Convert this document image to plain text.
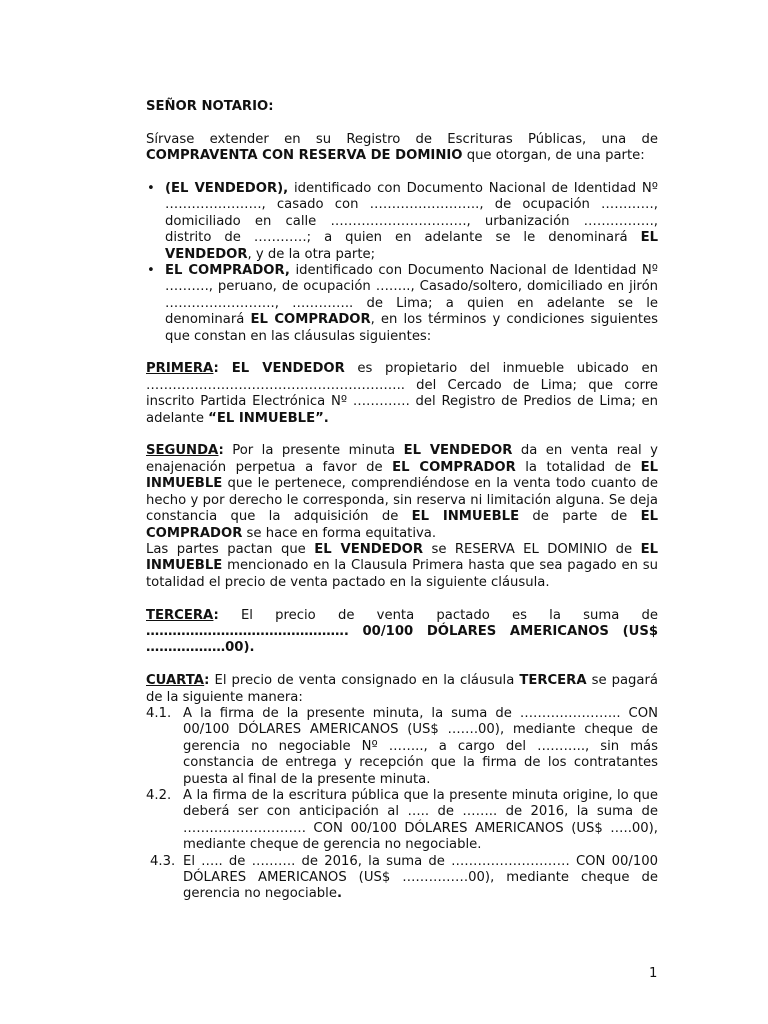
SEÑOR NOTARIO:

Sírvase extender en su Registro de Escrituras Públicas, una de COMPRAVENTA CON RESERVA DE DOMINIO que otorgan, de una parte:

• (EL VENDEDOR), identificado con Documento Nacional de Identidad Nº …………………., casado con ……………………., de ocupación …………, domiciliado en calle …………………………., urbanización ……………., distrito de …………; a quien en adelante se le denominará EL VENDEDOR, y de la otra parte;
• EL COMPRADOR, identificado con Documento Nacional de Identidad Nº ………., peruano, de ocupación …….., Casado/soltero, domiciliado en jirón ……………………., ………….. de Lima; a quien en adelante se le denominará EL COMPRADOR, en los términos y condiciones siguientes que constan en las cláusulas siguientes:

PRIMERA: EL VENDEDOR es propietario del inmueble ubicado en ………………………………………………….. del Cercado de Lima; que corre inscrito Partida Electrónica Nº …………. del Registro de Predios de Lima; en adelante “EL INMUEBLE”.

SEGUNDA: Por la presente minuta EL VENDEDOR da en venta real y enajenación perpetua a favor de EL COMPRADOR la totalidad de EL INMUEBLE que le pertenece, comprendiéndose en la venta todo cuanto de hecho y por derecho le corresponda, sin reserva ni limitación alguna. Se deja constancia que la adquisición de EL INMUEBLE de parte de EL COMPRADOR se hace en forma equitativa.

Las partes pactan que EL VENDEDOR se RESERVA EL DOMINIO de EL INMUEBLE mencionado en la Clausula Primera hasta que sea pagado en su totalidad el precio de venta pactado en la siguiente cláusula.

TERCERA: El precio de venta pactado es la suma de ………………………………………. 00/100 DÓLARES AMERICANOS (US$ ………………00).

CUARTA: El precio de venta consignado en la cláusula TERCERA se pagará de la siguiente manera:

4.1. A la firma de la presente minuta, la suma de ………………….. CON 00/100 DÓLARES AMERICANOS (US$ …….00), mediante cheque de gerencia no negociable Nº …….., a cargo del ……….., sin más constancia de entrega y recepción que la firma de los contratantes puesta al final de la presente minuta.
4.2. A la firma de la escritura pública que la presente minuta origine, lo que deberá ser con anticipación al ….. de …….. de 2016, la suma de ………………………. CON 00/100 DÓLARES AMERICANOS (US$ …..00), mediante cheque de gerencia no negociable.
4.3. El ….. de ………. de 2016, la suma de ……………………… CON 00/100 DÓLARES AMERICANOS (US$ ……………00), mediante cheque de gerencia no negociable.
1
